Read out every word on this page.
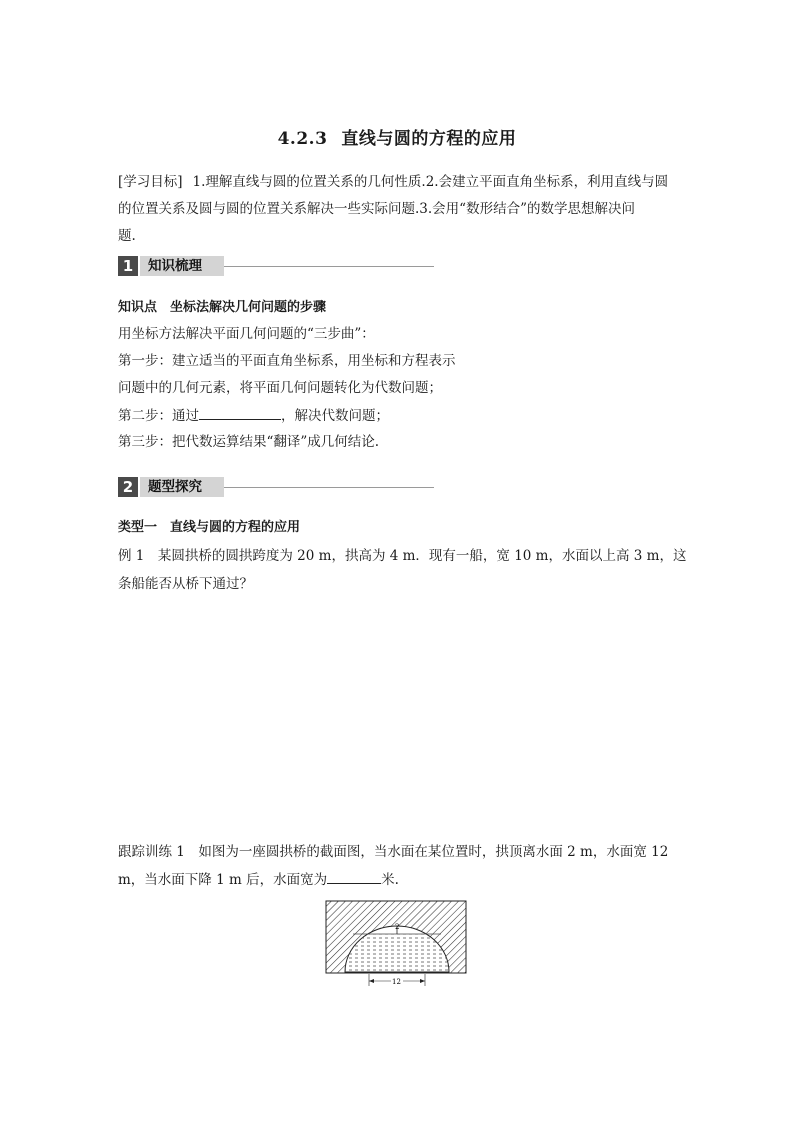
4.2.3 直线与圆的方程的应用
[学习目标] 1.理解直线与圆的位置关系的几何性质.2.会建立平面直角坐标系，利用直线与圆
的位置关系及圆与圆的位置关系解决一些实际问题.3.会用“数形结合”的数学思想解决问
题.
1	知识梳理
知识点　坐标法解决几何问题的步骤
用坐标方法解决平面几何问题的“三步曲”：
第一步：建立适当的平面直角坐标系，用坐标和方程表示
问题中的几何元素，将平面几何问题转化为代数问题；
第二步：通过	，解决代数问题；
第三步：把代数运算结果“翻译”成几何结论.
2	题型探究
类型一　直线与圆的方程的应用
例 1　某圆拱桥的圆拱跨度为 20 m，拱高为 4 m．现有一船，宽 10 m，水面以上高 3 m，这
条船能否从桥下通过？
跟踪训练 1　如图为一座圆拱桥的截面图，当水面在某位置时，拱顶离水面 2 m，水面宽 12
m，当水面下降 1 m 后，水面宽为	米.
2
12
